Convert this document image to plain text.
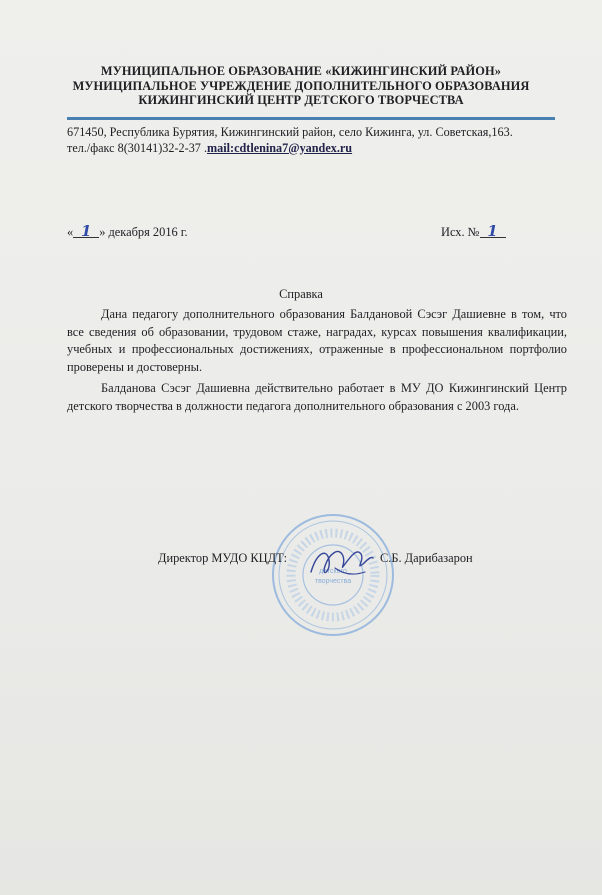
МУНИЦИПАЛЬНОЕ ОБРАЗОВАНИЕ «КИЖИНГИНСКИЙ РАЙОН»
МУНИЦИПАЛЬНОЕ УЧРЕЖДЕНИЕ ДОПОЛНИТЕЛЬНОГО ОБРАЗОВАНИЯ
КИЖИНГИНСКИЙ ЦЕНТР ДЕТСКОГО ТВОРЧЕСТВА
671450, Республика Бурятия, Кижингинский район, село Кижинга, ул. Советская,163.
тел./факс 8(30141)32-2-37 .mail:cdtlenina7@yandex.ru
« 1 » декабря 2016 г.	Исх. № 1
Справка

Дана педагогу дополнительного образования Балдановой Сэсэг Дашиевне в том, что все сведения об образовании, трудовом стаже, наградах, курсах повышения квалификации, учебных и профессиональных достижениях, отраженные в профессиональном портфолио проверены и достоверны.

Балданова Сэсэг Дашиевна действительно работает в МУ ДО Кижингинский Центр детского творчества в должности педагога дополнительного образования с 2003 года.

детского
творчества
Директор МУДО КЦДТ:	С.Б. Дарибазарон
